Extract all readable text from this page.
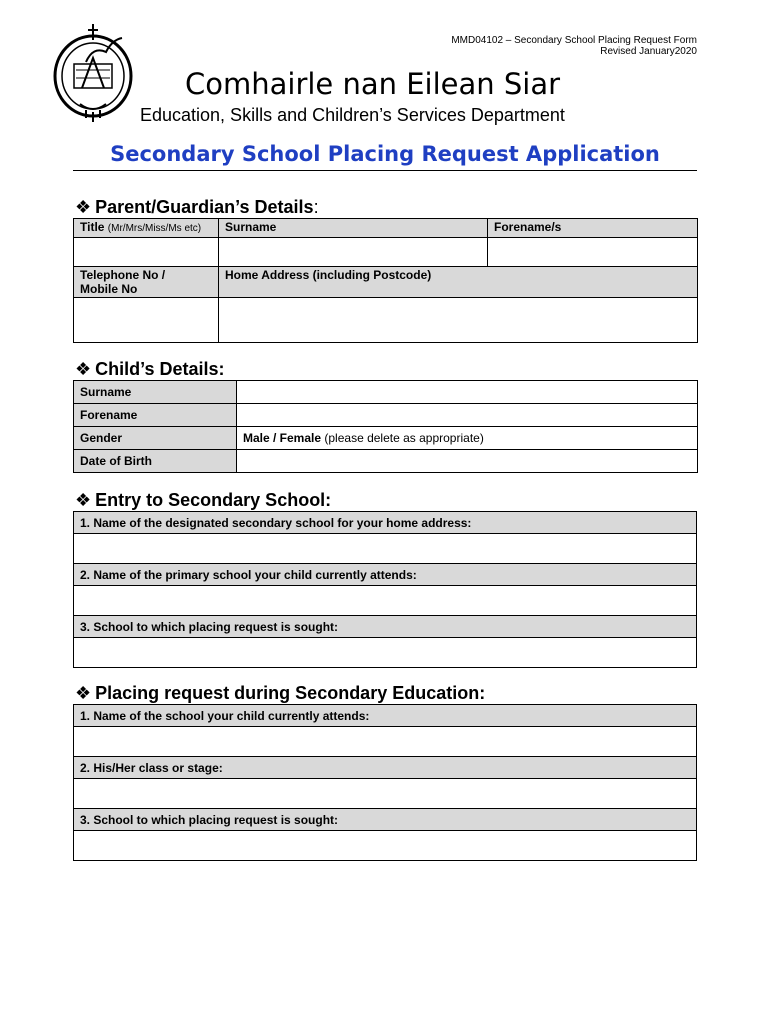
MMD04102 – Secondary School Placing Request Form
Revised January2020
Comhairle nan Eilean Siar
Education, Skills and Children’s Services Department
Secondary School Placing Request Application
❖ Parent/Guardian’s Details:
Title (Mr/Mrs/Miss/Ms etc)	Surname	Forename/s

Telephone No /
Mobile No	Home Address (including Postcode)	

❖ Child’s Details:
Surname	
Forename	
Gender	Male / Female (please delete as appropriate)
Date of Birth	
❖ Entry to Secondary School:
1. Name of the designated secondary school for your home address:

2. Name of the primary school your child currently attends:

3. School to which placing request is sought:

❖ Placing request during Secondary Education:
1. Name of the school your child currently attends:

2. His/Her class or stage:

3. School to which placing request is sought:
